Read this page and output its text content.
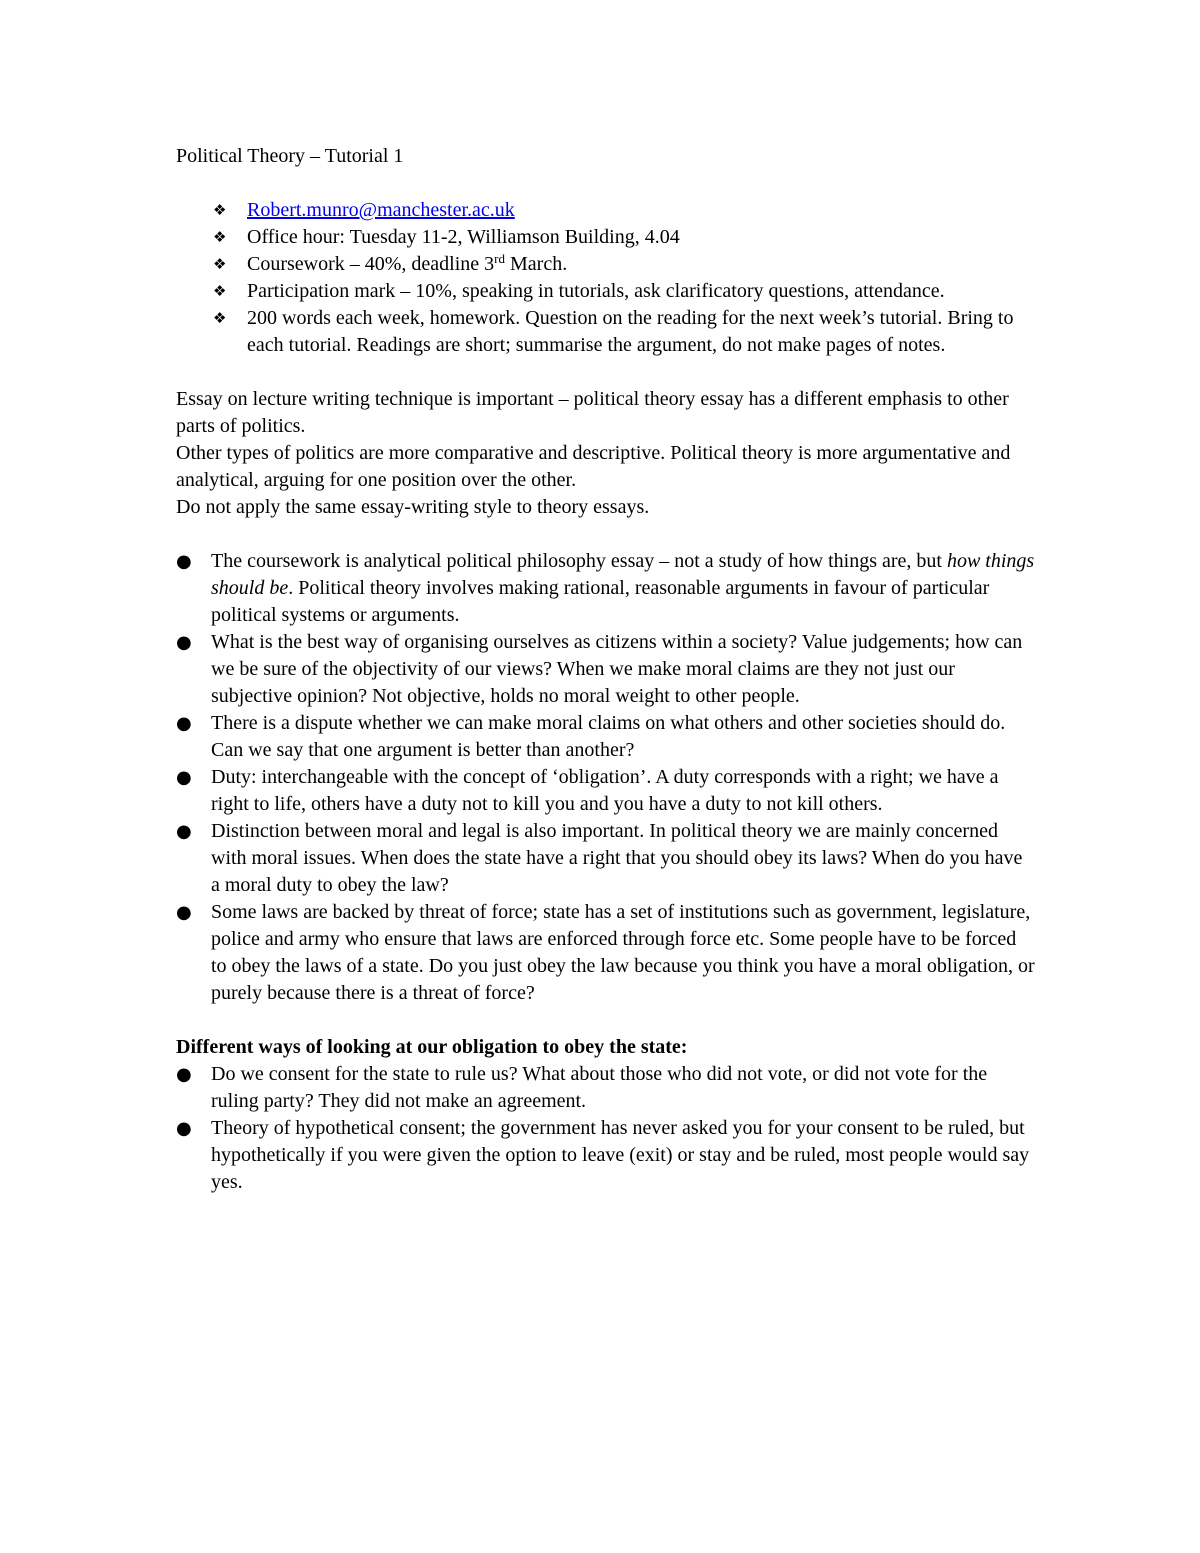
Political Theory – Tutorial 1

❖ Robert.munro@manchester.ac.uk
❖ Office hour: Tuesday 11-2, Williamson Building, 4.04
❖ Coursework – 40%, deadline 3rd March.
❖ Participation mark – 10%, speaking in tutorials, ask clarificatory questions, attendance.
❖ 200 words each week, homework. Question on the reading for the next week’s tutorial. Bring to each tutorial. Readings are short; summarise the argument, do not make pages of notes.

Essay on lecture writing technique is important – political theory essay has a different emphasis to other parts of politics.

Other types of politics are more comparative and descriptive. Political theory is more argumentative and analytical, arguing for one position over the other.

Do not apply the same essay-writing style to theory essays.

● The coursework is analytical political philosophy essay – not a study of how things are, but how things should be. Political theory involves making rational, reasonable arguments in favour of particular political systems or arguments.
● What is the best way of organising ourselves as citizens within a society? Value judgements; how can we be sure of the objectivity of our views? When we make moral claims are they not just our subjective opinion? Not objective, holds no moral weight to other people.
● There is a dispute whether we can make moral claims on what others and other societies should do. Can we say that one argument is better than another?
● Duty: interchangeable with the concept of ‘obligation’. A duty corresponds with a right; we have a right to life, others have a duty not to kill you and you have a duty to not kill others.
● Distinction between moral and legal is also important. In political theory we are mainly concerned with moral issues. When does the state have a right that you should obey its laws? When do you have a moral duty to obey the law?
● Some laws are backed by threat of force; state has a set of institutions such as government, legislature, police and army who ensure that laws are enforced through force etc. Some people have to be forced to obey the laws of a state. Do you just obey the law because you think you have a moral obligation, or purely because there is a threat of force?

Different ways of looking at our obligation to obey the state:

● Do we consent for the state to rule us? What about those who did not vote, or did not vote for the ruling party? They did not make an agreement.
● Theory of hypothetical consent; the government has never asked you for your consent to be ruled, but hypothetically if you were given the option to leave (exit) or stay and be ruled, most people would say yes.
